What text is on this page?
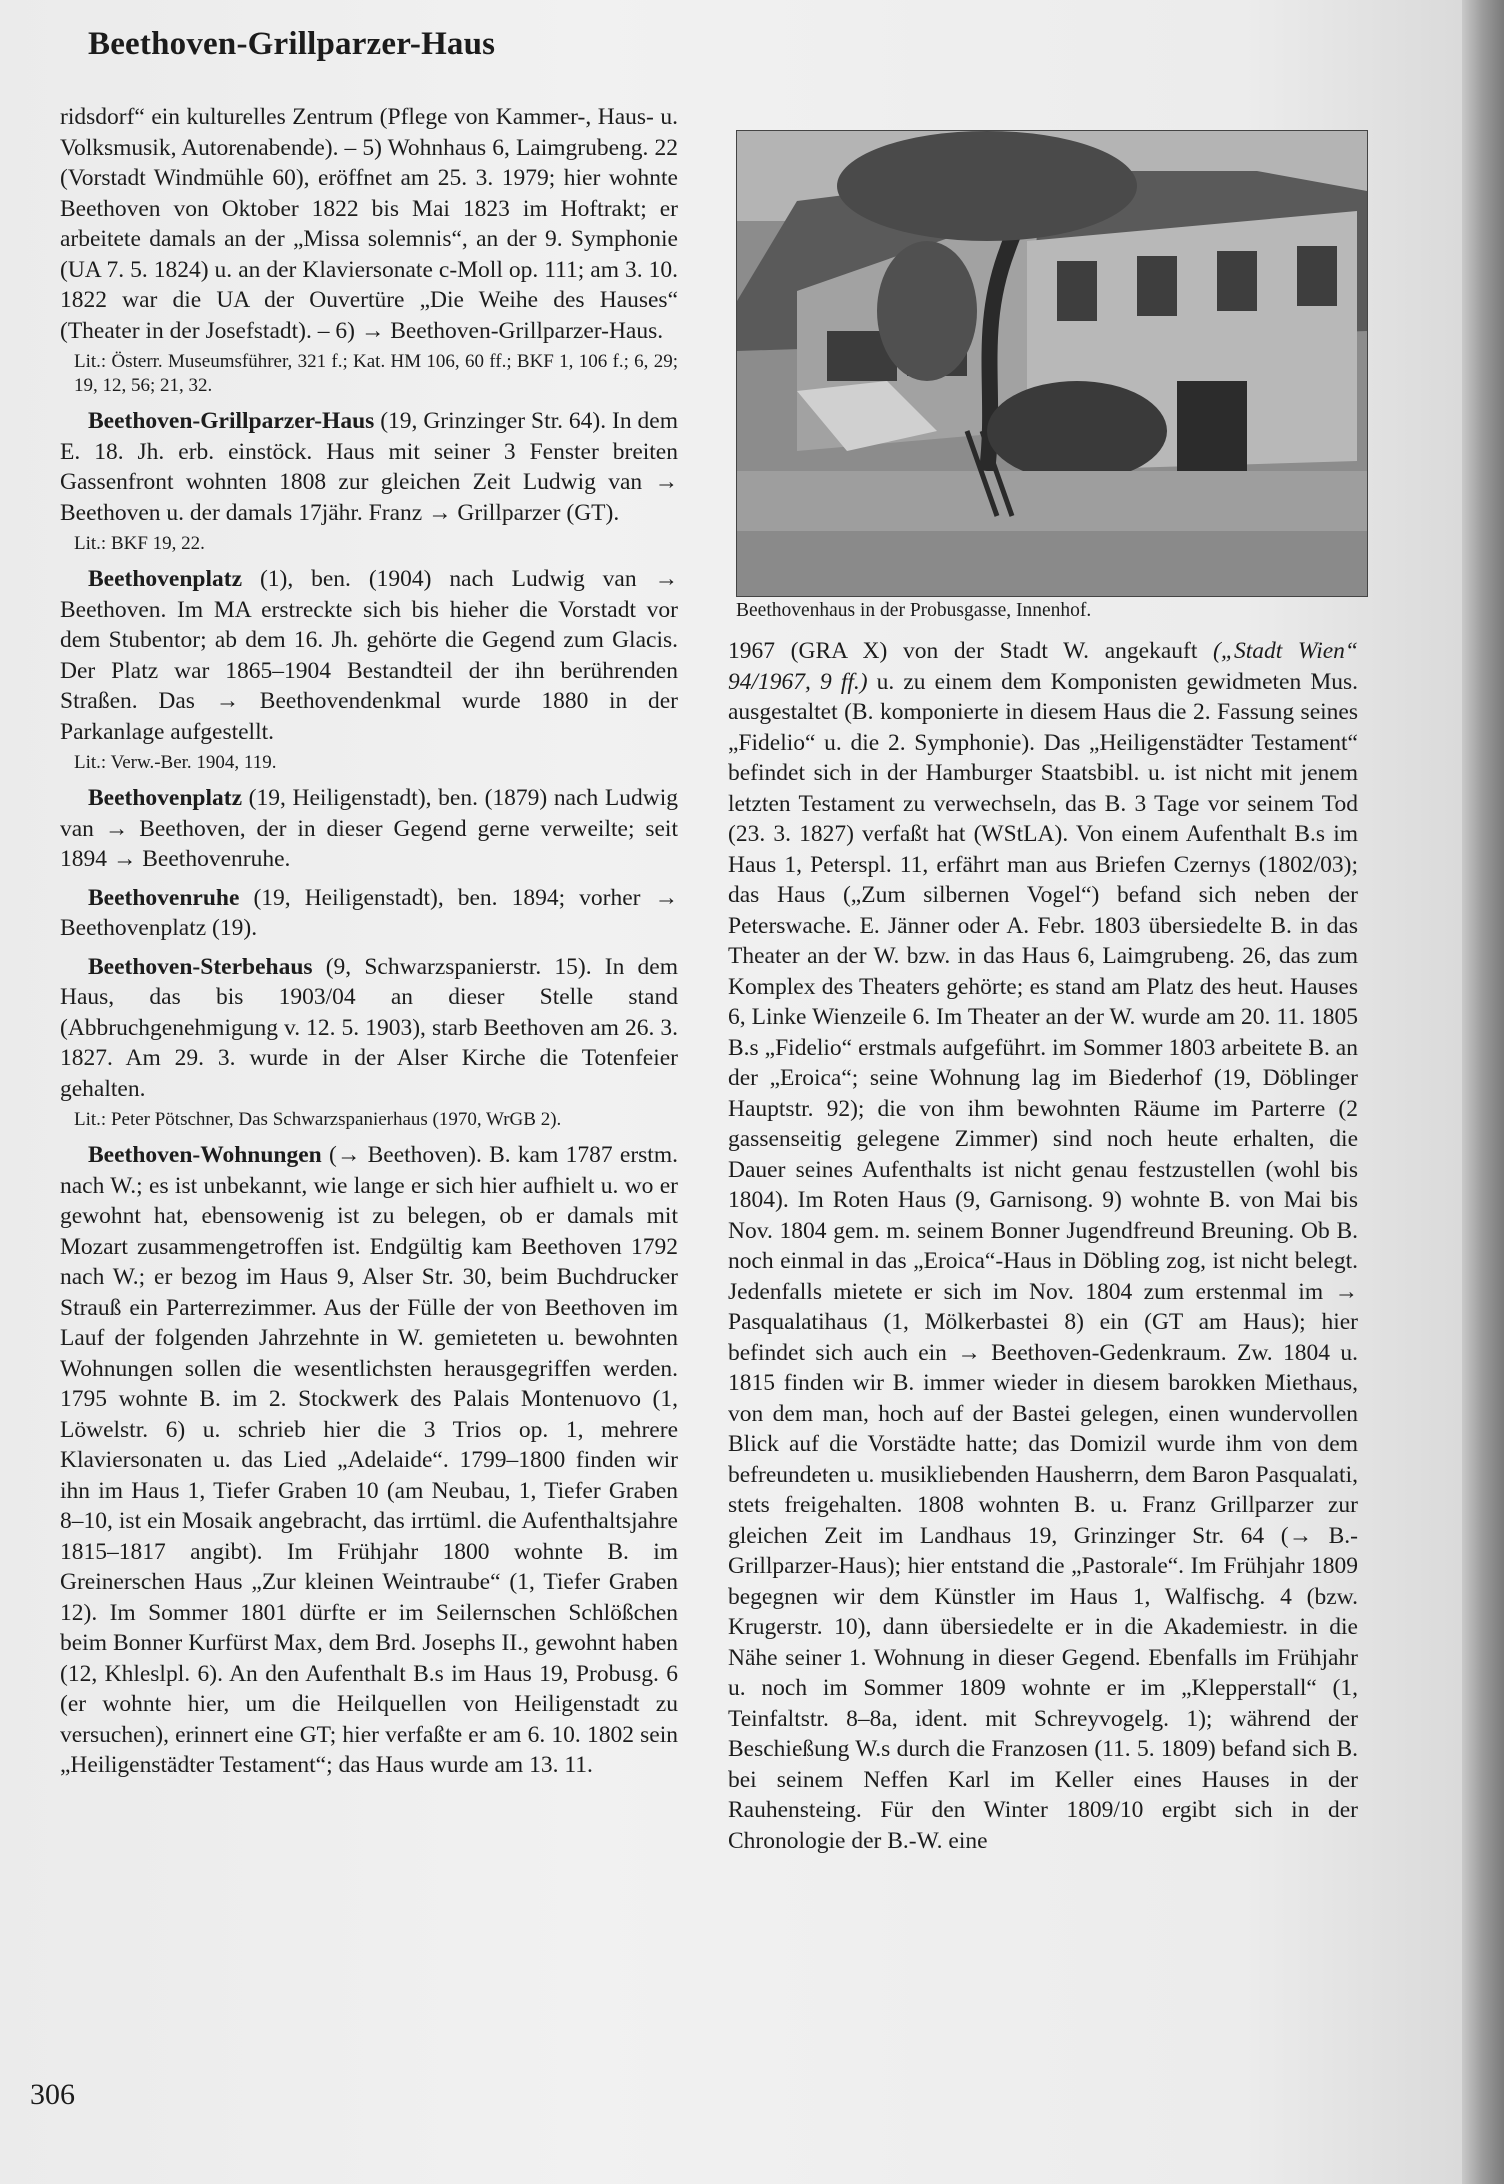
Beethoven-Grillparzer-Haus

ridsdorf“ ein kulturelles Zentrum (Pflege von Kammer-, Haus- u. Volksmusik, Autorenabende). – 5) Wohnhaus 6, Laimgrubeng. 22 (Vorstadt Windmühle 60), eröffnet am 25. 3. 1979; hier wohnte Beethoven von Oktober 1822 bis Mai 1823 im Hoftrakt; er arbeitete damals an der „Missa solemnis“, an der 9. Symphonie (UA 7. 5. 1824) u. an der Klaviersonate c-Moll op. 111; am 3. 10. 1822 war die UA der Ouvertüre „Die Weihe des Hauses“ (Theater in der Josefstadt). – 6) → Beethoven-Grillparzer-Haus.

Lit.: Österr. Museumsführer, 321 f.; Kat. HM 106, 60 ff.; BKF 1, 106 f.; 6, 29; 19, 12, 56; 21, 32.

Beethoven-Grillparzer-Haus (19, Grinzinger Str. 64). In dem E. 18. Jh. erb. einstöck. Haus mit seiner 3 Fenster breiten Gassenfront wohnten 1808 zur gleichen Zeit Ludwig van → Beethoven u. der damals 17jähr. Franz → Grillparzer (GT).

Lit.: BKF 19, 22.

Beethovenplatz (1), ben. (1904) nach Ludwig van → Beethoven. Im MA erstreckte sich bis hieher die Vorstadt vor dem Stubentor; ab dem 16. Jh. gehörte die Gegend zum Glacis. Der Platz war 1865–1904 Bestandteil der ihn berührenden Straßen. Das → Beethovendenkmal wurde 1880 in der Parkanlage aufgestellt.

Lit.: Verw.-Ber. 1904, 119.

Beethovenplatz (19, Heiligenstadt), ben. (1879) nach Ludwig van → Beethoven, der in dieser Gegend gerne verweilte; seit 1894 → Beethovenruhe.

Beethovenruhe (19, Heiligenstadt), ben. 1894; vorher → Beethovenplatz (19).

Beethoven-Sterbehaus (9, Schwarzspanierstr. 15). In dem Haus, das bis 1903/04 an dieser Stelle stand (Abbruchgenehmigung v. 12. 5. 1903), starb Beethoven am 26. 3. 1827. Am 29. 3. wurde in der Alser Kirche die Totenfeier gehalten.

Lit.: Peter Pötschner, Das Schwarzspanierhaus (1970, WrGB 2).

Beethoven-Wohnungen (→ Beethoven). B. kam 1787 erstm. nach W.; es ist unbekannt, wie lange er sich hier aufhielt u. wo er gewohnt hat, ebensowenig ist zu belegen, ob er damals mit Mozart zusammengetroffen ist. Endgültig kam Beethoven 1792 nach W.; er bezog im Haus 9, Alser Str. 30, beim Buchdrucker Strauß ein Parterrezimmer. Aus der Fülle der von Beethoven im Lauf der folgenden Jahrzehnte in W. gemieteten u. bewohnten Wohnungen sollen die wesentlichsten herausgegriffen werden. 1795 wohnte B. im 2. Stockwerk des Palais Montenuovo (1, Löwelstr. 6) u. schrieb hier die 3 Trios op. 1, mehrere Klaviersonaten u. das Lied „Adelaide“. 1799–1800 finden wir ihn im Haus 1, Tiefer Graben 10 (am Neubau, 1, Tiefer Graben 8–10, ist ein Mosaik angebracht, das irrtüml. die Aufenthaltsjahre 1815–1817 angibt). Im Frühjahr 1800 wohnte B. im Greinerschen Haus „Zur kleinen Weintraube“ (1, Tiefer Graben 12). Im Sommer 1801 dürfte er im Seilernschen Schlößchen beim Bonner Kurfürst Max, dem Brd. Josephs II., gewohnt haben (12, Khleslpl. 6). An den Aufenthalt B.s im Haus 19, Probusg. 6 (er wohnte hier, um die Heilquellen von Heiligenstadt zu versuchen), erinnert eine GT; hier verfaßte er am 6. 10. 1802 sein „Heiligenstädter Testament“; das Haus wurde am 13. 11.

Beethovenhaus in der Probusgasse, Innenhof.

1967 (GRA X) von der Stadt W. angekauft („Stadt Wien“ 94/1967, 9 ff.) u. zu einem dem Komponisten gewidmeten Mus. ausgestaltet (B. komponierte in diesem Haus die 2. Fassung seines „Fidelio“ u. die 2. Symphonie). Das „Heiligenstädter Testament“ befindet sich in der Hamburger Staatsbibl. u. ist nicht mit jenem letzten Testament zu verwechseln, das B. 3 Tage vor seinem Tod (23. 3. 1827) verfaßt hat (WStLA). Von einem Aufenthalt B.s im Haus 1, Peterspl. 11, erfährt man aus Briefen Czernys (1802/03); das Haus („Zum silbernen Vogel“) befand sich neben der Peterswache. E. Jänner oder A. Febr. 1803 übersiedelte B. in das Theater an der W. bzw. in das Haus 6, Laimgrubeng. 26, das zum Komplex des Theaters gehörte; es stand am Platz des heut. Hauses 6, Linke Wienzeile 6. Im Theater an der W. wurde am 20. 11. 1805 B.s „Fidelio“ erstmals aufgeführt. im Sommer 1803 arbeitete B. an der „Eroica“; seine Wohnung lag im Biederhof (19, Döblinger Hauptstr. 92); die von ihm bewohnten Räume im Parterre (2 gassenseitig gelegene Zimmer) sind noch heute erhalten, die Dauer seines Aufenthalts ist nicht genau festzustellen (wohl bis 1804). Im Roten Haus (9, Garnisong. 9) wohnte B. von Mai bis Nov. 1804 gem. m. seinem Bonner Jugendfreund Breuning. Ob B. noch einmal in das „Eroica“-Haus in Döbling zog, ist nicht belegt. Jedenfalls mietete er sich im Nov. 1804 zum erstenmal im → Pasqualatihaus (1, Mölkerbastei 8) ein (GT am Haus); hier befindet sich auch ein → Beethoven-Gedenkraum. Zw. 1804 u. 1815 finden wir B. immer wieder in diesem barokken Miethaus, von dem man, hoch auf der Bastei gelegen, einen wundervollen Blick auf die Vorstädte hatte; das Domizil wurde ihm von dem befreundeten u. musikliebenden Hausherrn, dem Baron Pasqualati, stets freigehalten. 1808 wohnten B. u. Franz Grillparzer zur gleichen Zeit im Landhaus 19, Grinzinger Str. 64 (→ B.-Grillparzer-Haus); hier entstand die „Pastorale“. Im Frühjahr 1809 begegnen wir dem Künstler im Haus 1, Walfischg. 4 (bzw. Krugerstr. 10), dann übersiedelte er in die Akademiestr. in die Nähe seiner 1. Wohnung in dieser Gegend. Ebenfalls im Frühjahr u. noch im Sommer 1809 wohnte er im „Klepperstall“ (1, Teinfaltstr. 8–8a, ident. mit Schreyvogelg. 1); während der Beschießung W.s durch die Franzosen (11. 5. 1809) befand sich B. bei seinem Neffen Karl im Keller eines Hauses in der Rauhensteing. Für den Winter 1809/10 ergibt sich in der Chronologie der B.-W. eine

306
